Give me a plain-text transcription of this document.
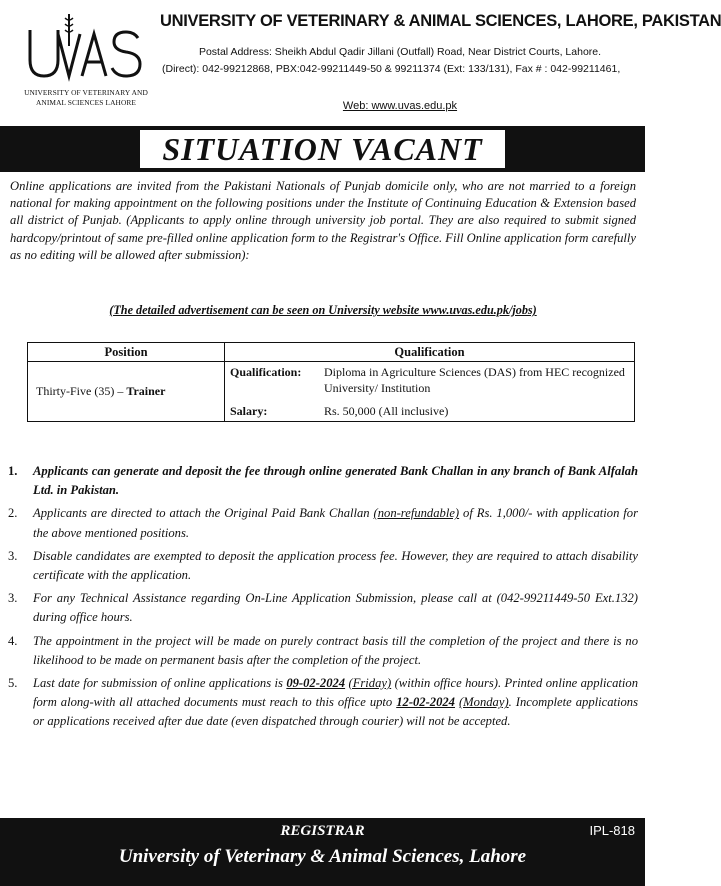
UNIVERSITY OF VETERINARY AND ANIMAL SCIENCES LAHORE
UNIVERSITY OF VETERINARY & ANIMAL SCIENCES, LAHORE, PAKISTAN
Postal Address: Sheikh Abdul Qadir Jillani (Outfall) Road, Near District Courts, Lahore.
(Direct): 042-99212868, PBX:042-99211449-50 & 99211374 (Ext: 133/131), Fax # : 042-99211461,
Web: www.uvas.edu.pk
SITUATION VACANT
Online applications are invited from the Pakistani Nationals of Punjab domicile only, who are not married to a foreign national for making appointment on the following positions under the Institute of Continuing Education & Extension based all district of Punjab. (Applicants to apply online through university job portal. They are also required to submit signed hardcopy/printout of same pre-filled online application form to the Registrar's Office. Fill Online application form carefully as no editing will be allowed after submission):
(The detailed advertisement can be seen on University website www.uvas.edu.pk/jobs)
Position	Qualification
Thirty-Five (35) – Trainer	
Qualification:	Diploma in Agriculture Sciences (DAS) from HEC recognized University/ Institution
Salary:	Rs. 50,000 (All inclusive)
1. Applicants can generate and deposit the fee through online generated Bank Challan in any branch of Bank Alfalah Ltd. in Pakistan.
2. Applicants are directed to attach the Original Paid Bank Challan (non-refundable) of Rs. 1,000/- with application for the above mentioned positions.
3. Disable candidates are exempted to deposit the application process fee. However, they are required to attach disability certificate with the application.
3. For any Technical Assistance regarding On-Line Application Submission, please call at (042-99211449-50 Ext.132) during office hours.
4. The appointment in the project will be made on purely contract basis till the completion of the project and there is no likelihood to be made on permanent basis after the completion of the project.
5. Last date for submission of online applications is 09-02-2024 (Friday) (within office hours). Printed online application form along-with all attached documents must reach to this office upto 12-02-2024 (Monday). Incomplete applications or applications received after due date (even dispatched through courier) will not be accepted.
REGISTRAR	IPL-818
University of Veterinary & Animal Sciences, Lahore
